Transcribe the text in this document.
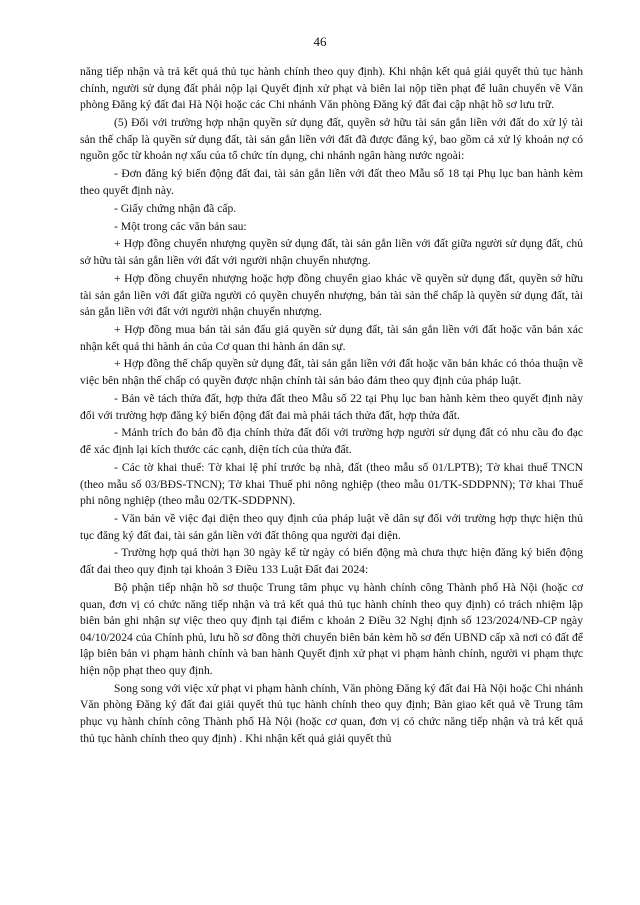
46

năng tiếp nhận và trả kết quả thủ tục hành chính theo quy định). Khi nhận kết quả giải quyết thủ tục hành chính, người sử dụng đất phải nộp lại Quyết định xử phạt và biên lai nộp tiền phạt để luân chuyển về Văn phòng Đăng ký đất đai Hà Nội hoặc các Chi nhánh Văn phòng Đăng ký đất đai cập nhật hồ sơ lưu trữ.

(5) Đối với trường hợp nhận quyền sử dụng đất, quyền sở hữu tài sản gắn liền với đất do xử lý tài sản thế chấp là quyền sử dụng đất, tài sản gắn liền với đất đã được đăng ký, bao gồm cả xử lý khoản nợ có nguồn gốc từ khoản nợ xấu của tổ chức tín dụng, chi nhánh ngân hàng nước ngoài:

- Đơn đăng ký biến động đất đai, tài sản gắn liền với đất theo Mẫu số 18 tại Phụ lục ban hành kèm theo quyết định này.

- Giấy chứng nhận đã cấp.

- Một trong các văn bản sau:

+ Hợp đồng chuyển nhượng quyền sử dụng đất, tài sản gắn liền với đất giữa người sử dụng đất, chủ sở hữu tài sản gắn liền với đất với người nhận chuyển nhượng.

+ Hợp đồng chuyển nhượng hoặc hợp đồng chuyển giao khác về quyền sử dụng đất, quyền sở hữu tài sản gắn liền với đất giữa người có quyền chuyển nhượng, bán tài sản thế chấp là quyền sử dụng đất, tài sản gắn liền với đất với người nhận chuyển nhượng.

+ Hợp đồng mua bán tài sản đấu giá quyền sử dụng đất, tài sản gắn liền với đất hoặc văn bản xác nhận kết quả thi hành án của Cơ quan thi hành án dân sự.

+ Hợp đồng thế chấp quyền sử dụng đất, tài sản gắn liền với đất hoặc văn bản khác có thỏa thuận về việc bên nhận thế chấp có quyền được nhận chính tài sản bảo đảm theo quy định của pháp luật.

- Bản vẽ tách thửa đất, hợp thửa đất theo Mẫu số 22 tại Phụ lục ban hành kèm theo quyết định này đối với trường hợp đăng ký biến động đất đai mà phải tách thửa đất, hợp thửa đất.

- Mảnh trích đo bản đồ địa chính thửa đất đối với trường hợp người sử dụng đất có nhu cầu đo đạc để xác định lại kích thước các cạnh, diện tích của thửa đất.

- Các tờ khai thuế: Tờ khai lệ phí trước bạ nhà, đất (theo mẫu số 01/LPTB); Tờ khai thuế TNCN (theo mẫu số 03/BĐS-TNCN); Tờ khai Thuế phi nông nghiệp (theo mẫu 01/TK-SDDPNN); Tờ khai Thuế phi nông nghiệp (theo mẫu 02/TK-SDDPNN).

- Văn bản về việc đại diện theo quy định của pháp luật về dân sự đối với trường hợp thực hiện thủ tục đăng ký đất đai, tài sản gắn liền với đất thông qua người đại diện.

- Trường hợp quá thời hạn 30 ngày kể từ ngày có biến động mà chưa thực hiện đăng ký biến động đất đai theo quy định tại khoản 3 Điều 133 Luật Đất đai 2024:

Bộ phận tiếp nhận hồ sơ thuộc Trung tâm phục vụ hành chính công Thành phố Hà Nội (hoặc cơ quan, đơn vị có chức năng tiếp nhận và trả kết quả thủ tục hành chính theo quy định) có trách nhiệm lập biên bản ghi nhận sự việc theo quy định tại điểm c khoản 2 Điều 32 Nghị định số 123/2024/NĐ-CP ngày 04/10/2024 của Chính phủ, lưu hồ sơ đồng thời chuyển biên bản kèm hồ sơ đến UBND cấp xã nơi có đất để lập biên bản vi phạm hành chính và ban hành Quyết định xử phạt vi phạm hành chính, người vi phạm thực hiện nộp phạt theo quy định.

Song song với việc xử phạt vi phạm hành chính, Văn phòng Đăng ký đất đai Hà Nội hoặc Chi nhánh Văn phòng Đăng ký đất đai giải quyết thủ tục hành chính theo quy định; Bàn giao kết quả về Trung tâm phục vụ hành chính công Thành phố Hà Nội (hoặc cơ quan, đơn vị có chức năng tiếp nhận và trả kết quả thủ tục hành chính theo quy định) . Khi nhận kết quả giải quyết thủ
